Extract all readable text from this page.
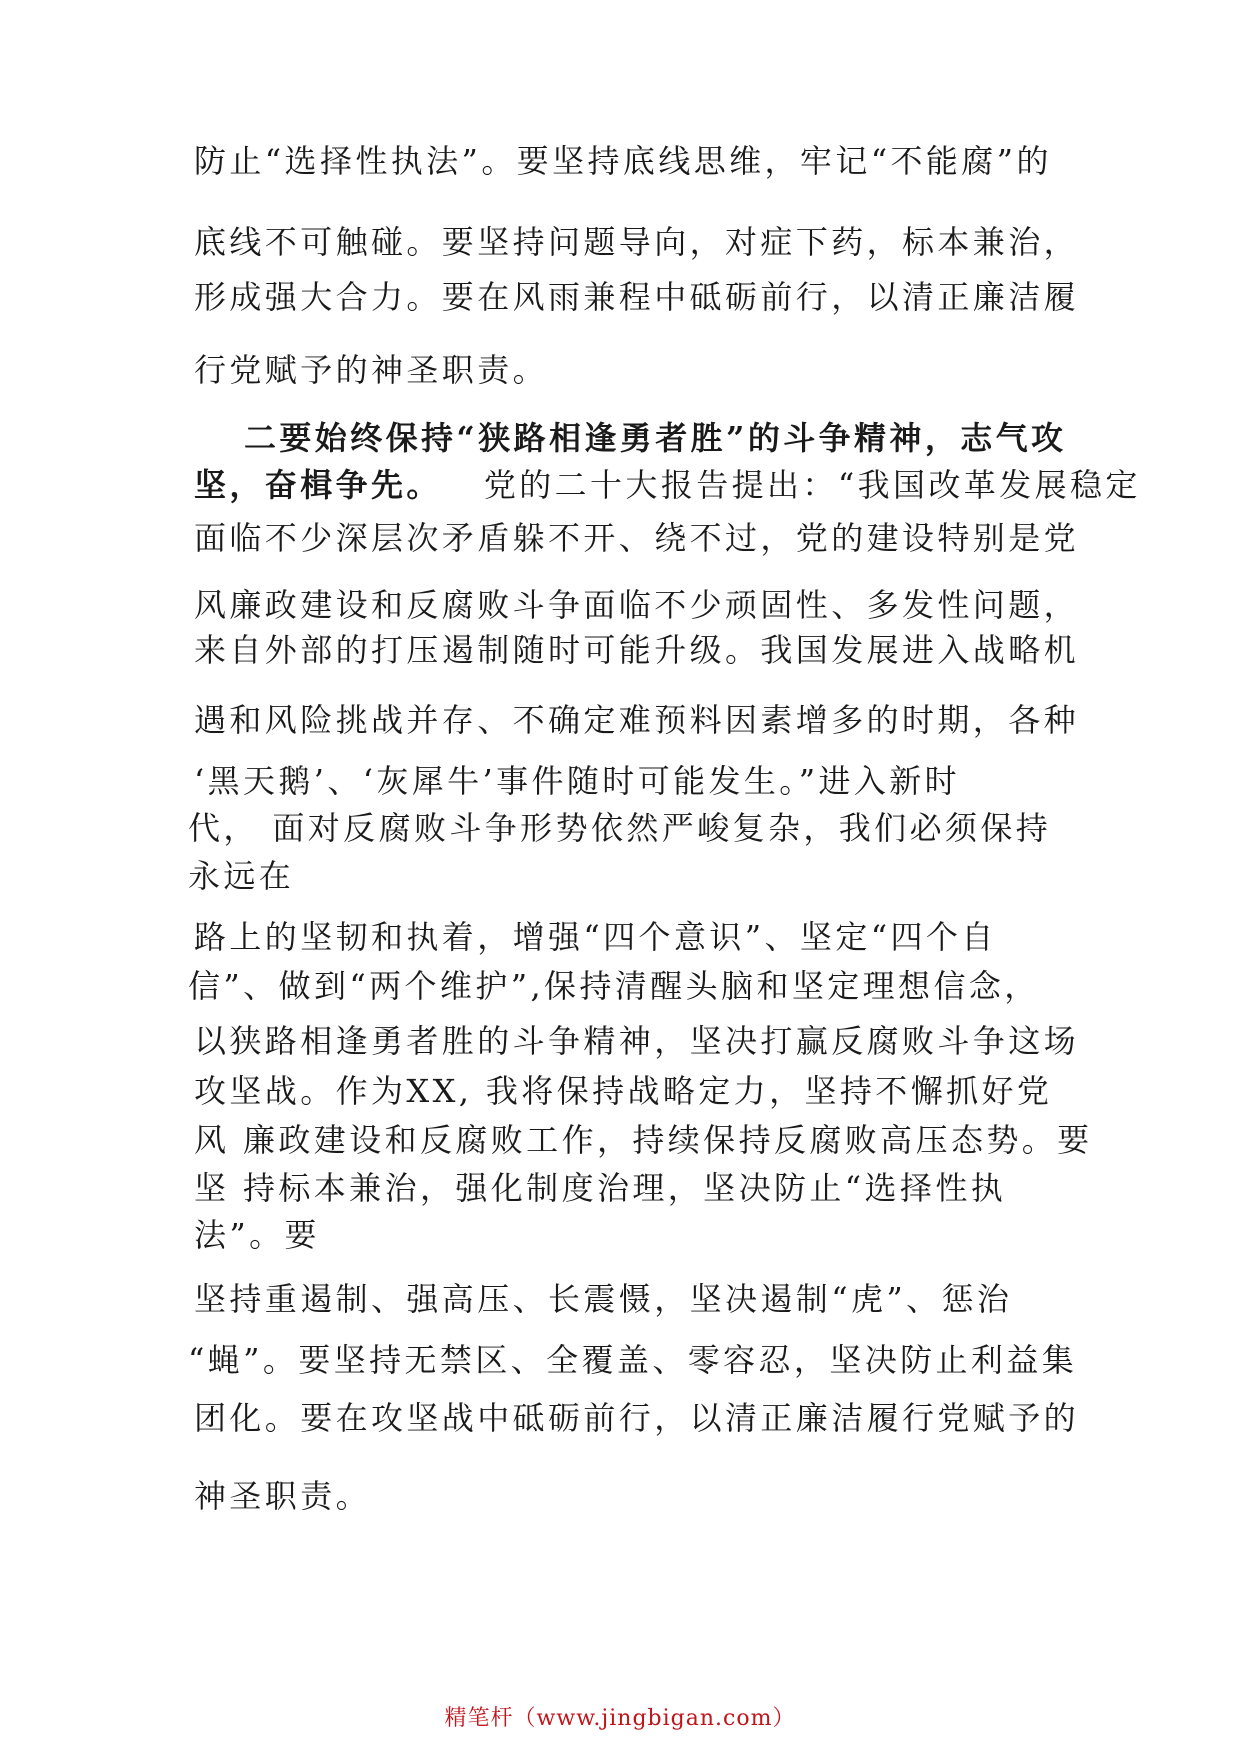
防止“选择性执法”。要坚持底线思维，牢记“不能腐”的
底线不可触碰。要坚持问题导向，对症下药，标本兼治，
形成强大合力。要在风雨兼程中砥砺前行，以清正廉洁履
行党赋予的神圣职责。
二要始终保持“狭路相逢勇者胜”的斗争精神，志气攻
坚，奋楫争先。 党的二十大报告提出：“我国改革发展稳定
面临不少深层次矛盾躲不开、绕不过，党的建设特别是党
风廉政建设和反腐败斗争面临不少顽固性、多发性问题，
来自外部的打压遏制随时可能升级。我国发展进入战略机
遇和风险挑战并存、不确定难预料因素增多的时期，各种
‘黑天鹅’、‘灰犀牛’事件随时可能发生。”进入新时
代， 面对反腐败斗争形势依然严峻复杂，我们必须保持
永远在
路上的坚韧和执着，增强“四个意识”、坚定“四个自
信”、做到“两个维护”,保持清醒头脑和坚定理想信念，
以狭路相逢勇者胜的斗争精神，坚决打赢反腐败斗争这场
攻坚战。作为XX, 我将保持战略定力，坚持不懈抓好党
风 廉政建设和反腐败工作，持续保持反腐败高压态势。要
坚 持标本兼治，强化制度治理，坚决防止“选择性执
法”。要
坚持重遏制、强高压、长震慑，坚决遏制“虎”、惩治
“蝇”。要坚持无禁区、全覆盖、零容忍，坚决防止利益集
团化。要在攻坚战中砥砺前行，以清正廉洁履行党赋予的
神圣职责。
精笔杆（www.jingbigan.com）
